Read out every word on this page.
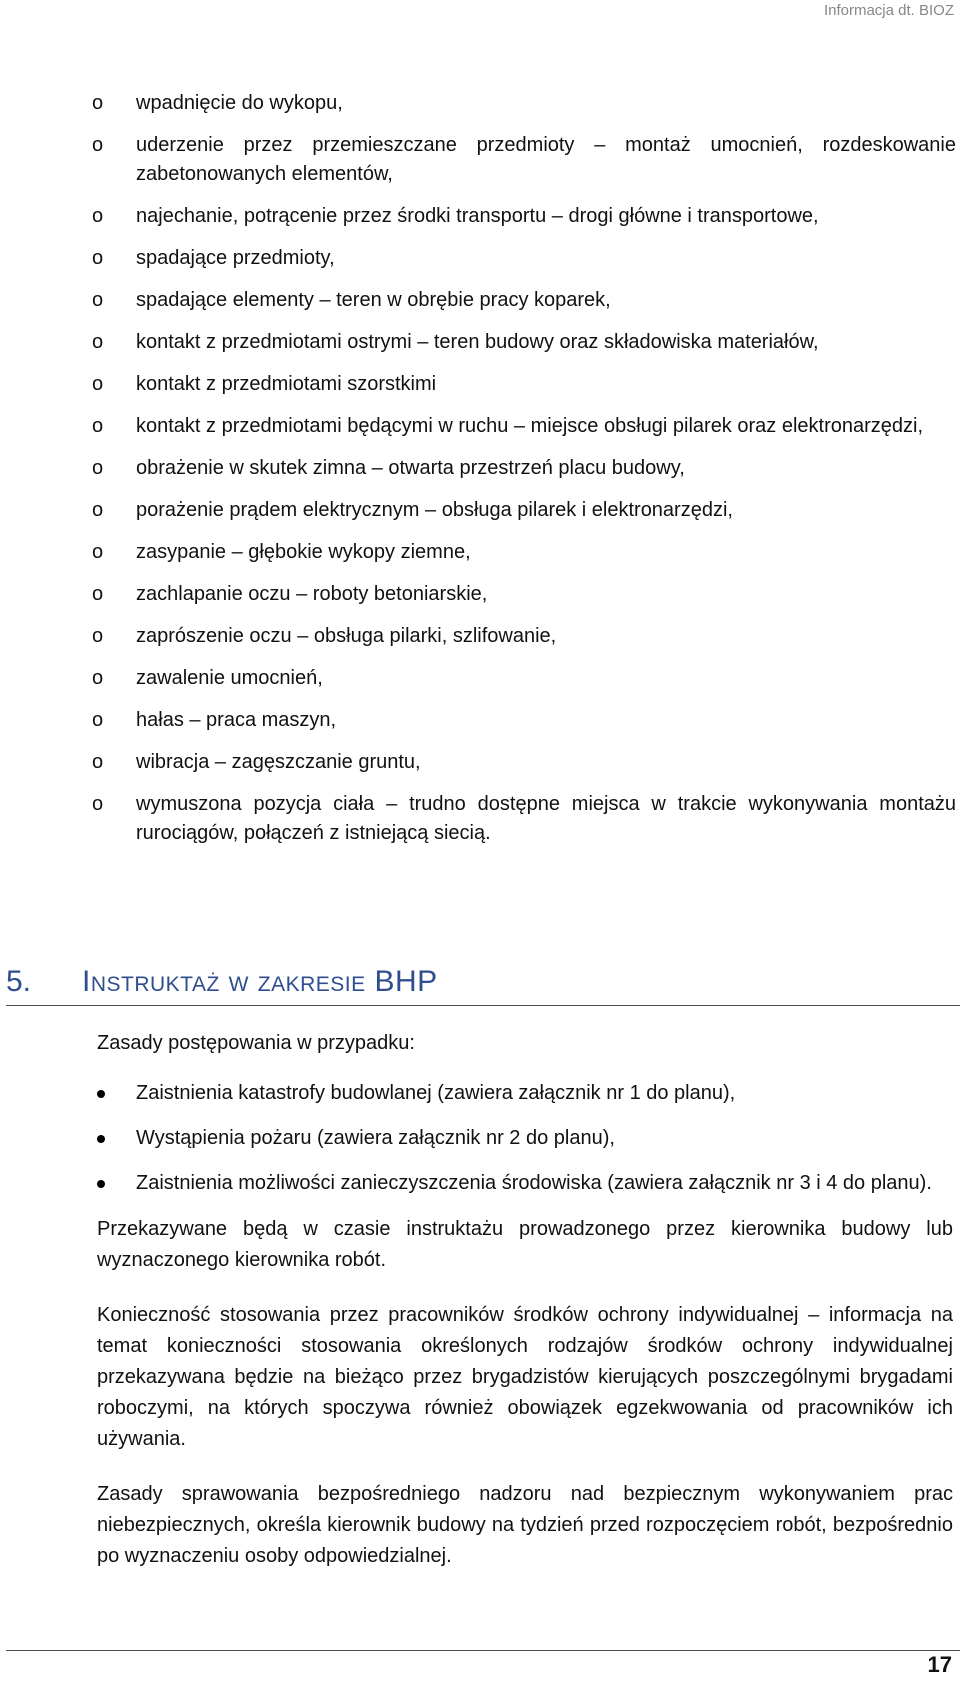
Informacja dt. BIOZ
o wpadnięcie do wykopu,
o uderzenie przez przemieszczane przedmioty – montaż umocnień, rozdeskowanie zabetonowanych elementów,
o najechanie, potrącenie przez środki transportu – drogi główne i transportowe,
o spadające przedmioty,
o spadające elementy – teren w obrębie pracy koparek,
o kontakt z przedmiotami ostrymi – teren budowy oraz składowiska materiałów,
o kontakt z przedmiotami szorstkimi
o kontakt z przedmiotami będącymi w ruchu – miejsce obsługi pilarek oraz elektronarzędzi,
o obrażenie w skutek zimna – otwarta przestrzeń placu budowy,
o porażenie prądem elektrycznym – obsługa pilarek i elektronarzędzi,
o zasypanie – głębokie wykopy ziemne,
o zachlapanie oczu – roboty betoniarskie,
o zaprószenie oczu – obsługa pilarki, szlifowanie,
o zawalenie umocnień,
o hałas – praca maszyn,
o wibracja – zagęszczanie gruntu,
o wymuszona pozycja ciała – trudno dostępne miejsca w trakcie wykonywania montażu rurociągów, połączeń z istniejącą siecią.
5. Instruktaż w zakresie BHP

Zasady postępowania w przypadku:

Zaistnienia katastrofy budowlanej (zawiera załącznik nr 1 do planu),
Wystąpienia pożaru (zawiera załącznik nr 2 do planu),
Zaistnienia możliwości zanieczyszczenia środowiska (zawiera załącznik nr 3 i 4 do planu).

Przekazywane będą w czasie instruktażu prowadzonego przez kierownika budowy lub wyznaczonego kierownika robót.

Konieczność stosowania przez pracowników środków ochrony indywidualnej – informacja na temat konieczności stosowania określonych rodzajów środków ochrony indywidualnej przekazywana będzie na bieżąco przez brygadzistów kierujących poszczególnymi brygadami roboczymi, na których spoczywa również obowiązek egzekwowania od pracowników ich używania.

Zasady sprawowania bezpośredniego nadzoru nad bezpiecznym wykonywaniem prac niebezpiecznych, określa kierownik budowy na tydzień przed rozpoczęciem robót, bezpośrednio po wyznaczeniu osoby odpowiedzialnej.

17
